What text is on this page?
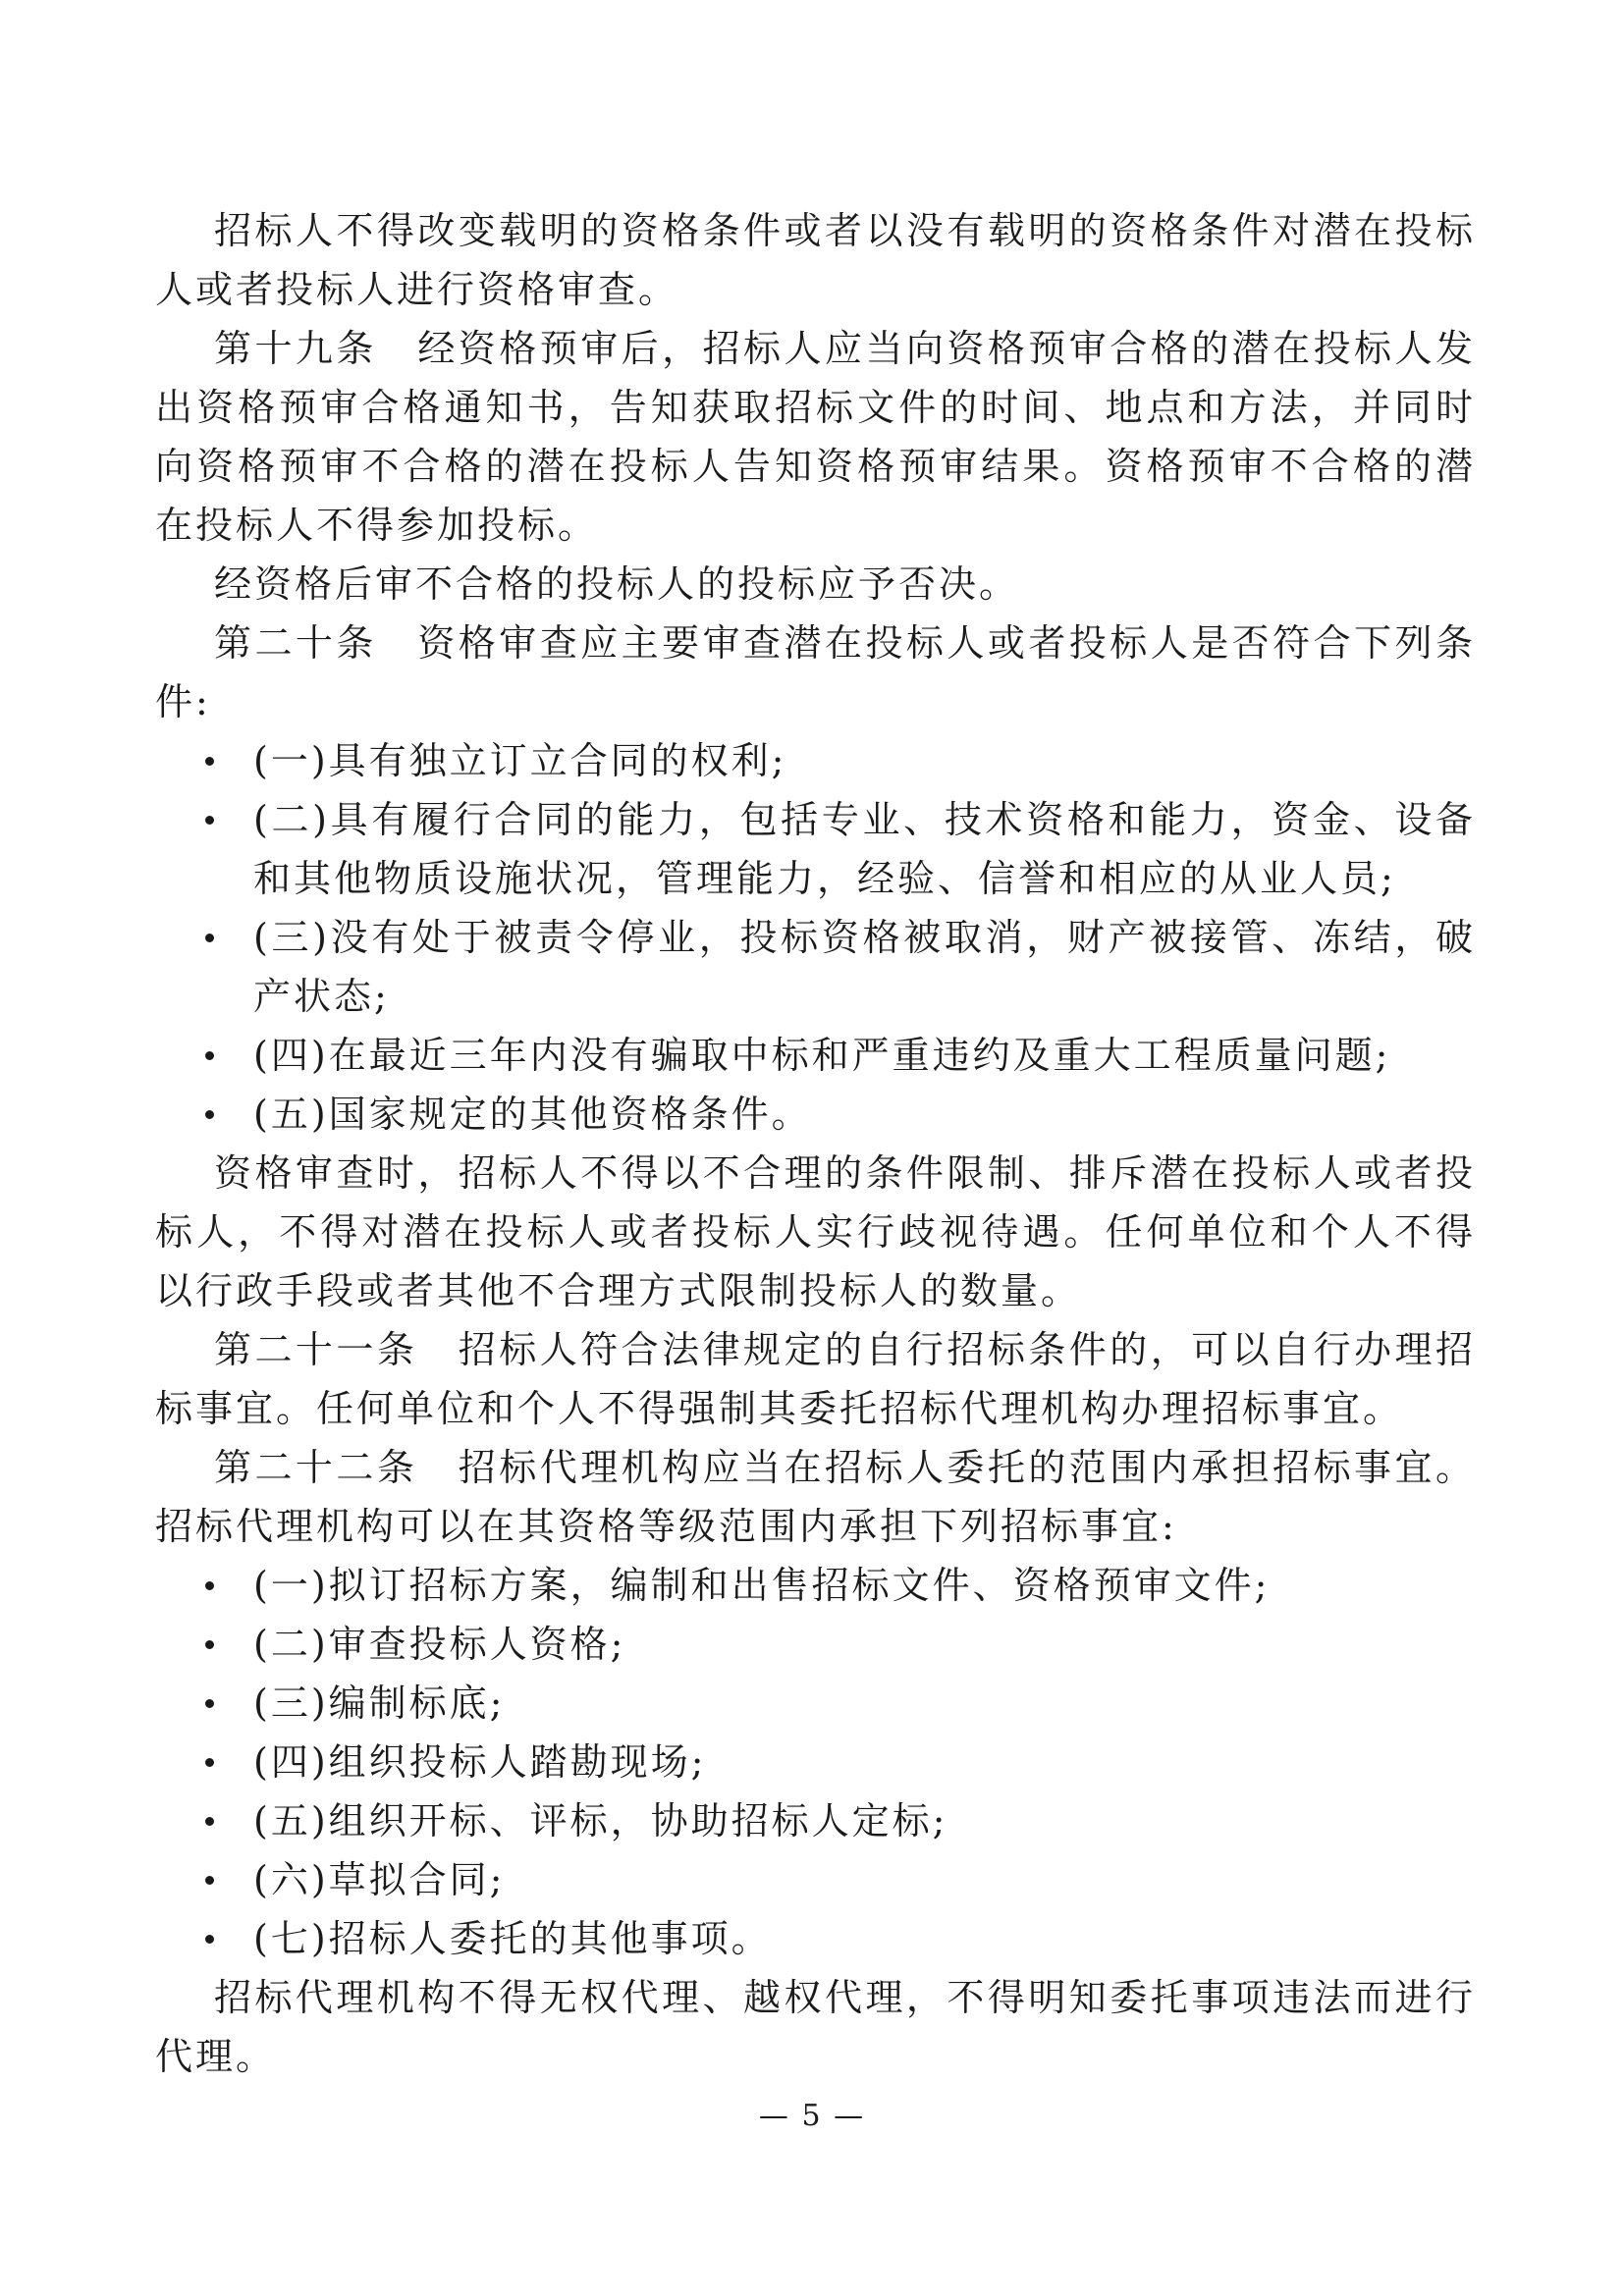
招标人不得改变载明的资格条件或者以没有载明的资格条件对潜在投标人或者投标人进行资格审查。

第十九条　经资格预审后，招标人应当向资格预审合格的潜在投标人发出资格预审合格通知书，告知获取招标文件的时间、地点和方法，并同时向资格预审不合格的潜在投标人告知资格预审结果。资格预审不合格的潜在投标人不得参加投标。

经资格后审不合格的投标人的投标应予否决。

第二十条　资格审查应主要审查潜在投标人或者投标人是否符合下列条件:

(一)具有独立订立合同的权利;
(二)具有履行合同的能力，包括专业、技术资格和能力，资金、设备和其他物质设施状况，管理能力，经验、信誉和相应的从业人员;
(三)没有处于被责令停业，投标资格被取消，财产被接管、冻结，破产状态;
(四)在最近三年内没有骗取中标和严重违约及重大工程质量问题;
(五)国家规定的其他资格条件。

资格审查时，招标人不得以不合理的条件限制、排斥潜在投标人或者投标人，不得对潜在投标人或者投标人实行歧视待遇。任何单位和个人不得以行政手段或者其他不合理方式限制投标人的数量。

第二十一条　招标人符合法律规定的自行招标条件的，可以自行办理招标事宜。任何单位和个人不得强制其委托招标代理机构办理招标事宜。

第二十二条　招标代理机构应当在招标人委托的范围内承担招标事宜。招标代理机构可以在其资格等级范围内承担下列招标事宜:

(一)拟订招标方案，编制和出售招标文件、资格预审文件;
(二)审查投标人资格;
(三)编制标底;
(四)组织投标人踏勘现场;
(五)组织开标、评标，协助招标人定标;
(六)草拟合同;
(七)招标人委托的其他事项。

招标代理机构不得无权代理、越权代理，不得明知委托事项违法而进行代理。

— 5 —
